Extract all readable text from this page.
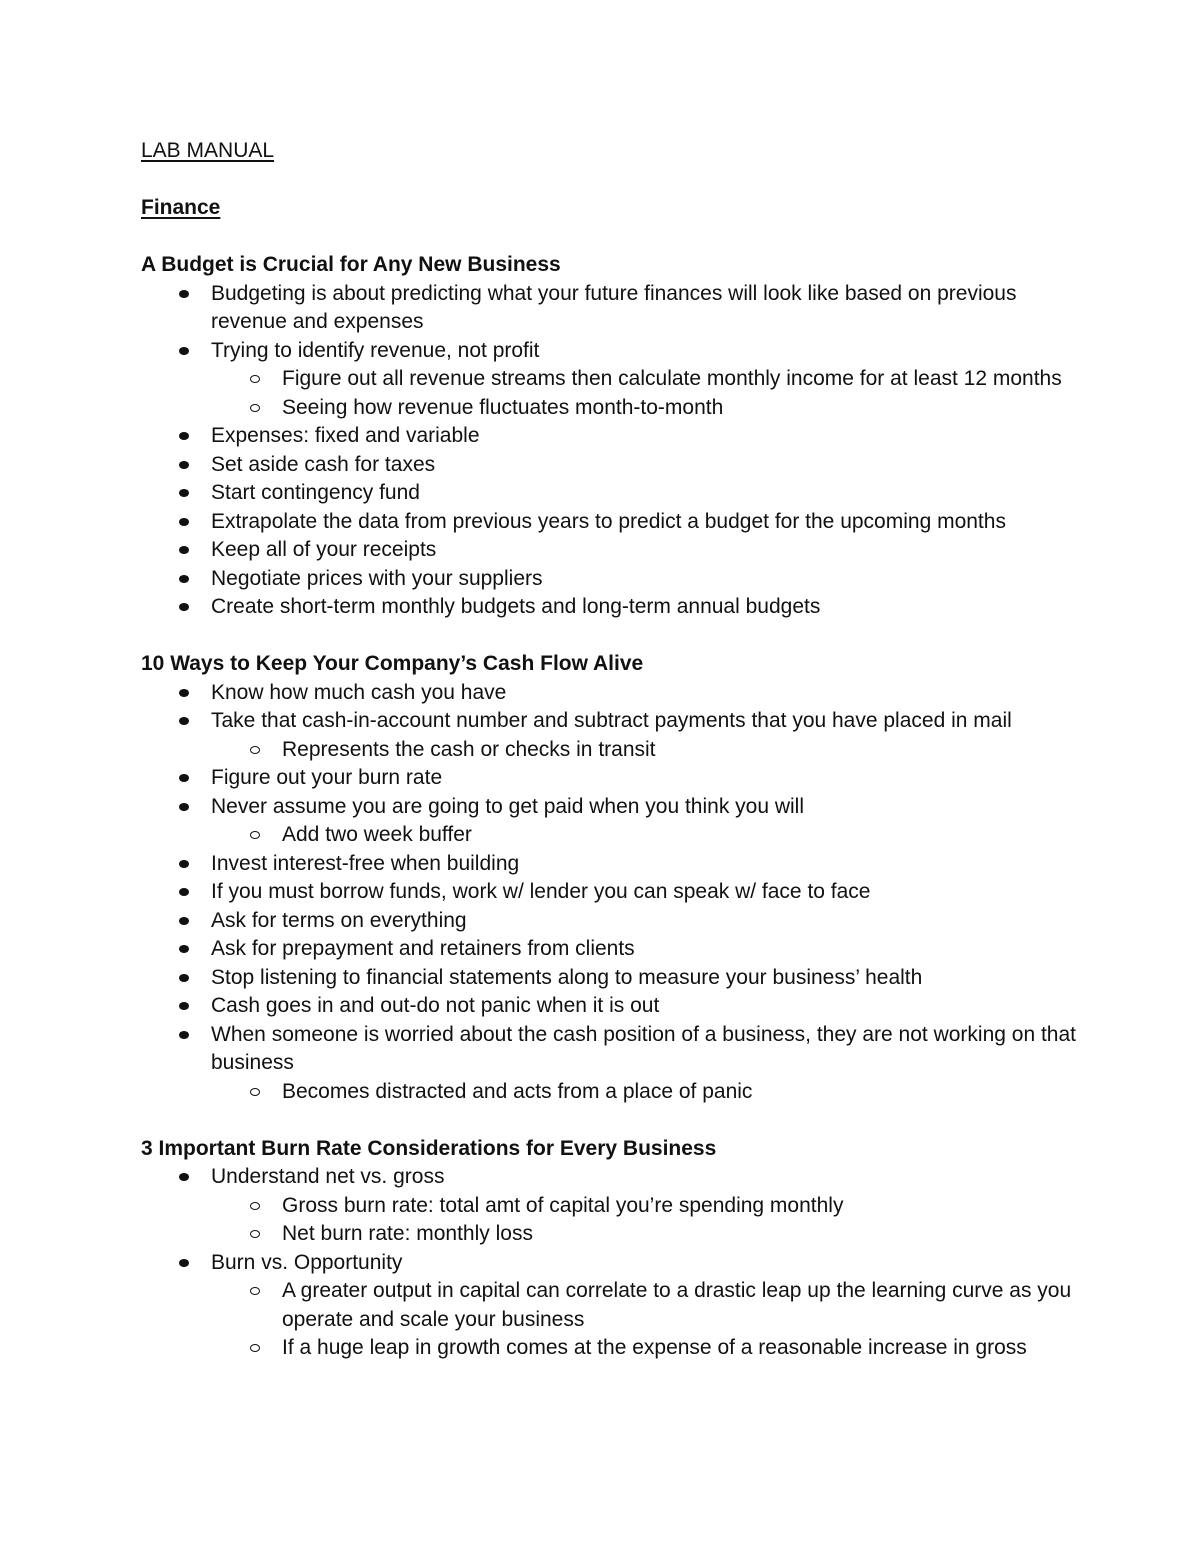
LAB MANUAL
Finance
A Budget is Crucial for Any New Business
Budgeting is about predicting what your future finances will look like based on previous revenue and expenses
Trying to identify revenue, not profit
Figure out all revenue streams then calculate monthly income for at least 12 months
Seeing how revenue fluctuates month-to-month
Expenses: fixed and variable
Set aside cash for taxes
Start contingency fund
Extrapolate the data from previous years to predict a budget for the upcoming months
Keep all of your receipts
Negotiate prices with your suppliers
Create short-term monthly budgets and long-term annual budgets
10 Ways to Keep Your Company’s Cash Flow Alive
Know how much cash you have
Take that cash-in-account number and subtract payments that you have placed in mail
Represents the cash or checks in transit
Figure out your burn rate
Never assume you are going to get paid when you think you will
Add two week buffer
Invest interest-free when building
If you must borrow funds, work w/ lender you can speak w/ face to face
Ask for terms on everything
Ask for prepayment and retainers from clients
Stop listening to financial statements along to measure your business’ health
Cash goes in and out-do not panic when it is out
When someone is worried about the cash position of a business, they are not working on that business
Becomes distracted and acts from a place of panic
3 Important Burn Rate Considerations for Every Business
Understand net vs. gross
Gross burn rate: total amt of capital you’re spending monthly
Net burn rate: monthly loss
Burn vs. Opportunity
A greater output in capital can correlate to a drastic leap up the learning curve as you operate and scale your business
If a huge leap in growth comes at the expense of a reasonable increase in gross
